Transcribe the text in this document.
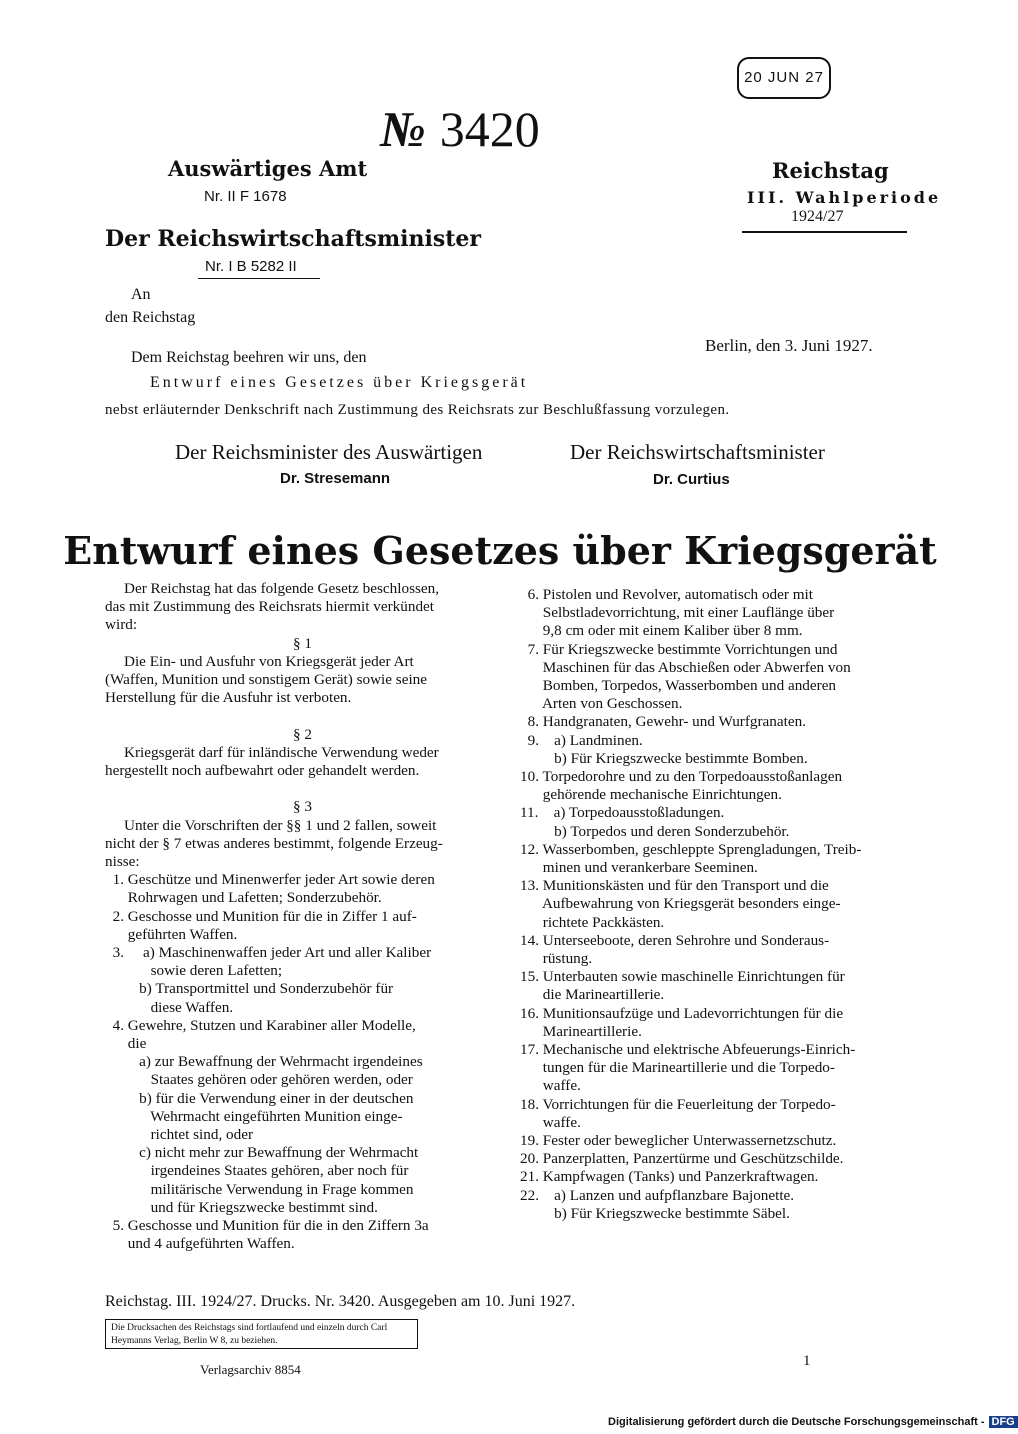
20 JUN 27
№ 3420
Auswärtiges Amt
Nr. II F 1678
Der Reichswirtschaftsminister
Nr. I B 5282 II
Reichstag
III. Wahlperiode
1924/27
An
den Reichstag
Berlin, den 3. Juni 1927.
Dem Reichstag beehren wir uns, den
Entwurf eines Gesetzes über Kriegsgerät
nebst erläuternder Denkschrift nach Zustimmung des Reichsrats zur Beschlußfassung vorzulegen.
Der Reichsminister des Auswärtigen	Der Reichswirtschaftsminister
Dr. Stresemann	Dr. Curtius
Entwurf eines Gesetzes über Kriegsgerät
Der Reichstag hat das folgende Gesetz beschlossen,
das mit Zustimmung des Reichsrats hiermit verkündet
wird:
§ 1
Die Ein- und Ausfuhr von Kriegsgerät jeder Art
(Waffen, Munition und sonstigem Gerät) sowie seine
Herstellung für die Ausfuhr ist verboten.
§ 2
Kriegsgerät darf für inländische Verwendung weder
hergestellt noch aufbewahrt oder gehandelt werden.
§ 3
Unter die Vorschriften der §§ 1 und 2 fallen, soweit
nicht der § 7 etwas anderes bestimmt, folgende Erzeug-
nisse:
1. Geschütze und Minenwerfer jeder Art sowie deren
Rohrwagen und Lafetten; Sonderzubehör.
2. Geschosse und Munition für die in Ziffer 1 auf-
geführten Waffen.
3.     a) Maschinenwaffen jeder Art und aller Kaliber
sowie deren Lafetten;
b) Transportmittel und Sonderzubehör für
diese Waffen.
4. Gewehre, Stutzen und Karabiner aller Modelle,
die
a) zur Bewaffnung der Wehrmacht irgendeines
Staates gehören oder gehören werden, oder
b) für die Verwendung einer in der deutschen
Wehrmacht eingeführten Munition einge-
richtet sind, oder
c) nicht mehr zur Bewaffnung der Wehrmacht
irgendeines Staates gehören, aber noch für
militärische Verwendung in Frage kommen
und für Kriegszwecke bestimmt sind.
5. Geschosse und Munition für die in den Ziffern 3a
und 4 aufgeführten Waffen.
6. Pistolen und Revolver, automatisch oder mit
Selbstladevorrichtung, mit einer Lauflänge über
9,8 cm oder mit einem Kaliber über 8 mm.
7. Für Kriegszwecke bestimmte Vorrichtungen und
Maschinen für das Abschießen oder Abwerfen von
Bomben, Torpedos, Wasserbomben und anderen
Arten von Geschossen.
8. Handgranaten, Gewehr- und Wurfgranaten.
9.    a) Landminen.
b) Für Kriegszwecke bestimmte Bomben.
10. Torpedorohre und zu den Torpedoausstoßanlagen
gehörende mechanische Einrichtungen.
11.    a) Torpedoausstoßladungen.
b) Torpedos und deren Sonderzubehör.
12. Wasserbomben, geschleppte Sprengladungen, Treib-
minen und verankerbare Seeminen.
13. Munitionskästen und für den Transport und die
Aufbewahrung von Kriegsgerät besonders einge-
richtete Packkästen.
14. Unterseeboote, deren Sehrohre und Sonderaus-
rüstung.
15. Unterbauten sowie maschinelle Einrichtungen für
die Marineartillerie.
16. Munitionsaufzüge und Ladevorrichtungen für die
Marineartillerie.
17. Mechanische und elektrische Abfeuerungs-Einrich-
tungen für die Marineartillerie und die Torpedo-
waffe.
18. Vorrichtungen für die Feuerleitung der Torpedo-
waffe.
19. Fester oder beweglicher Unterwassernetzschutz.
20. Panzerplatten, Panzertürme und Geschützschilde.
21. Kampfwagen (Tanks) und Panzerkraftwagen.
22.    a) Lanzen und aufpflanzbare Bajonette.
b) Für Kriegszwecke bestimmte Säbel.
Reichstag. III. 1924/27. Drucks. Nr. 3420. Ausgegeben am 10. Juni 1927.
Die Drucksachen des Reichstags sind fortlaufend und einzeln durch Carl Heymanns Verlag, Berlin W 8, zu beziehen.
Verlagsarchiv 8854
1
Digitalisierung gefördert durch die Deutsche Forschungsgemeinschaft - DFG
